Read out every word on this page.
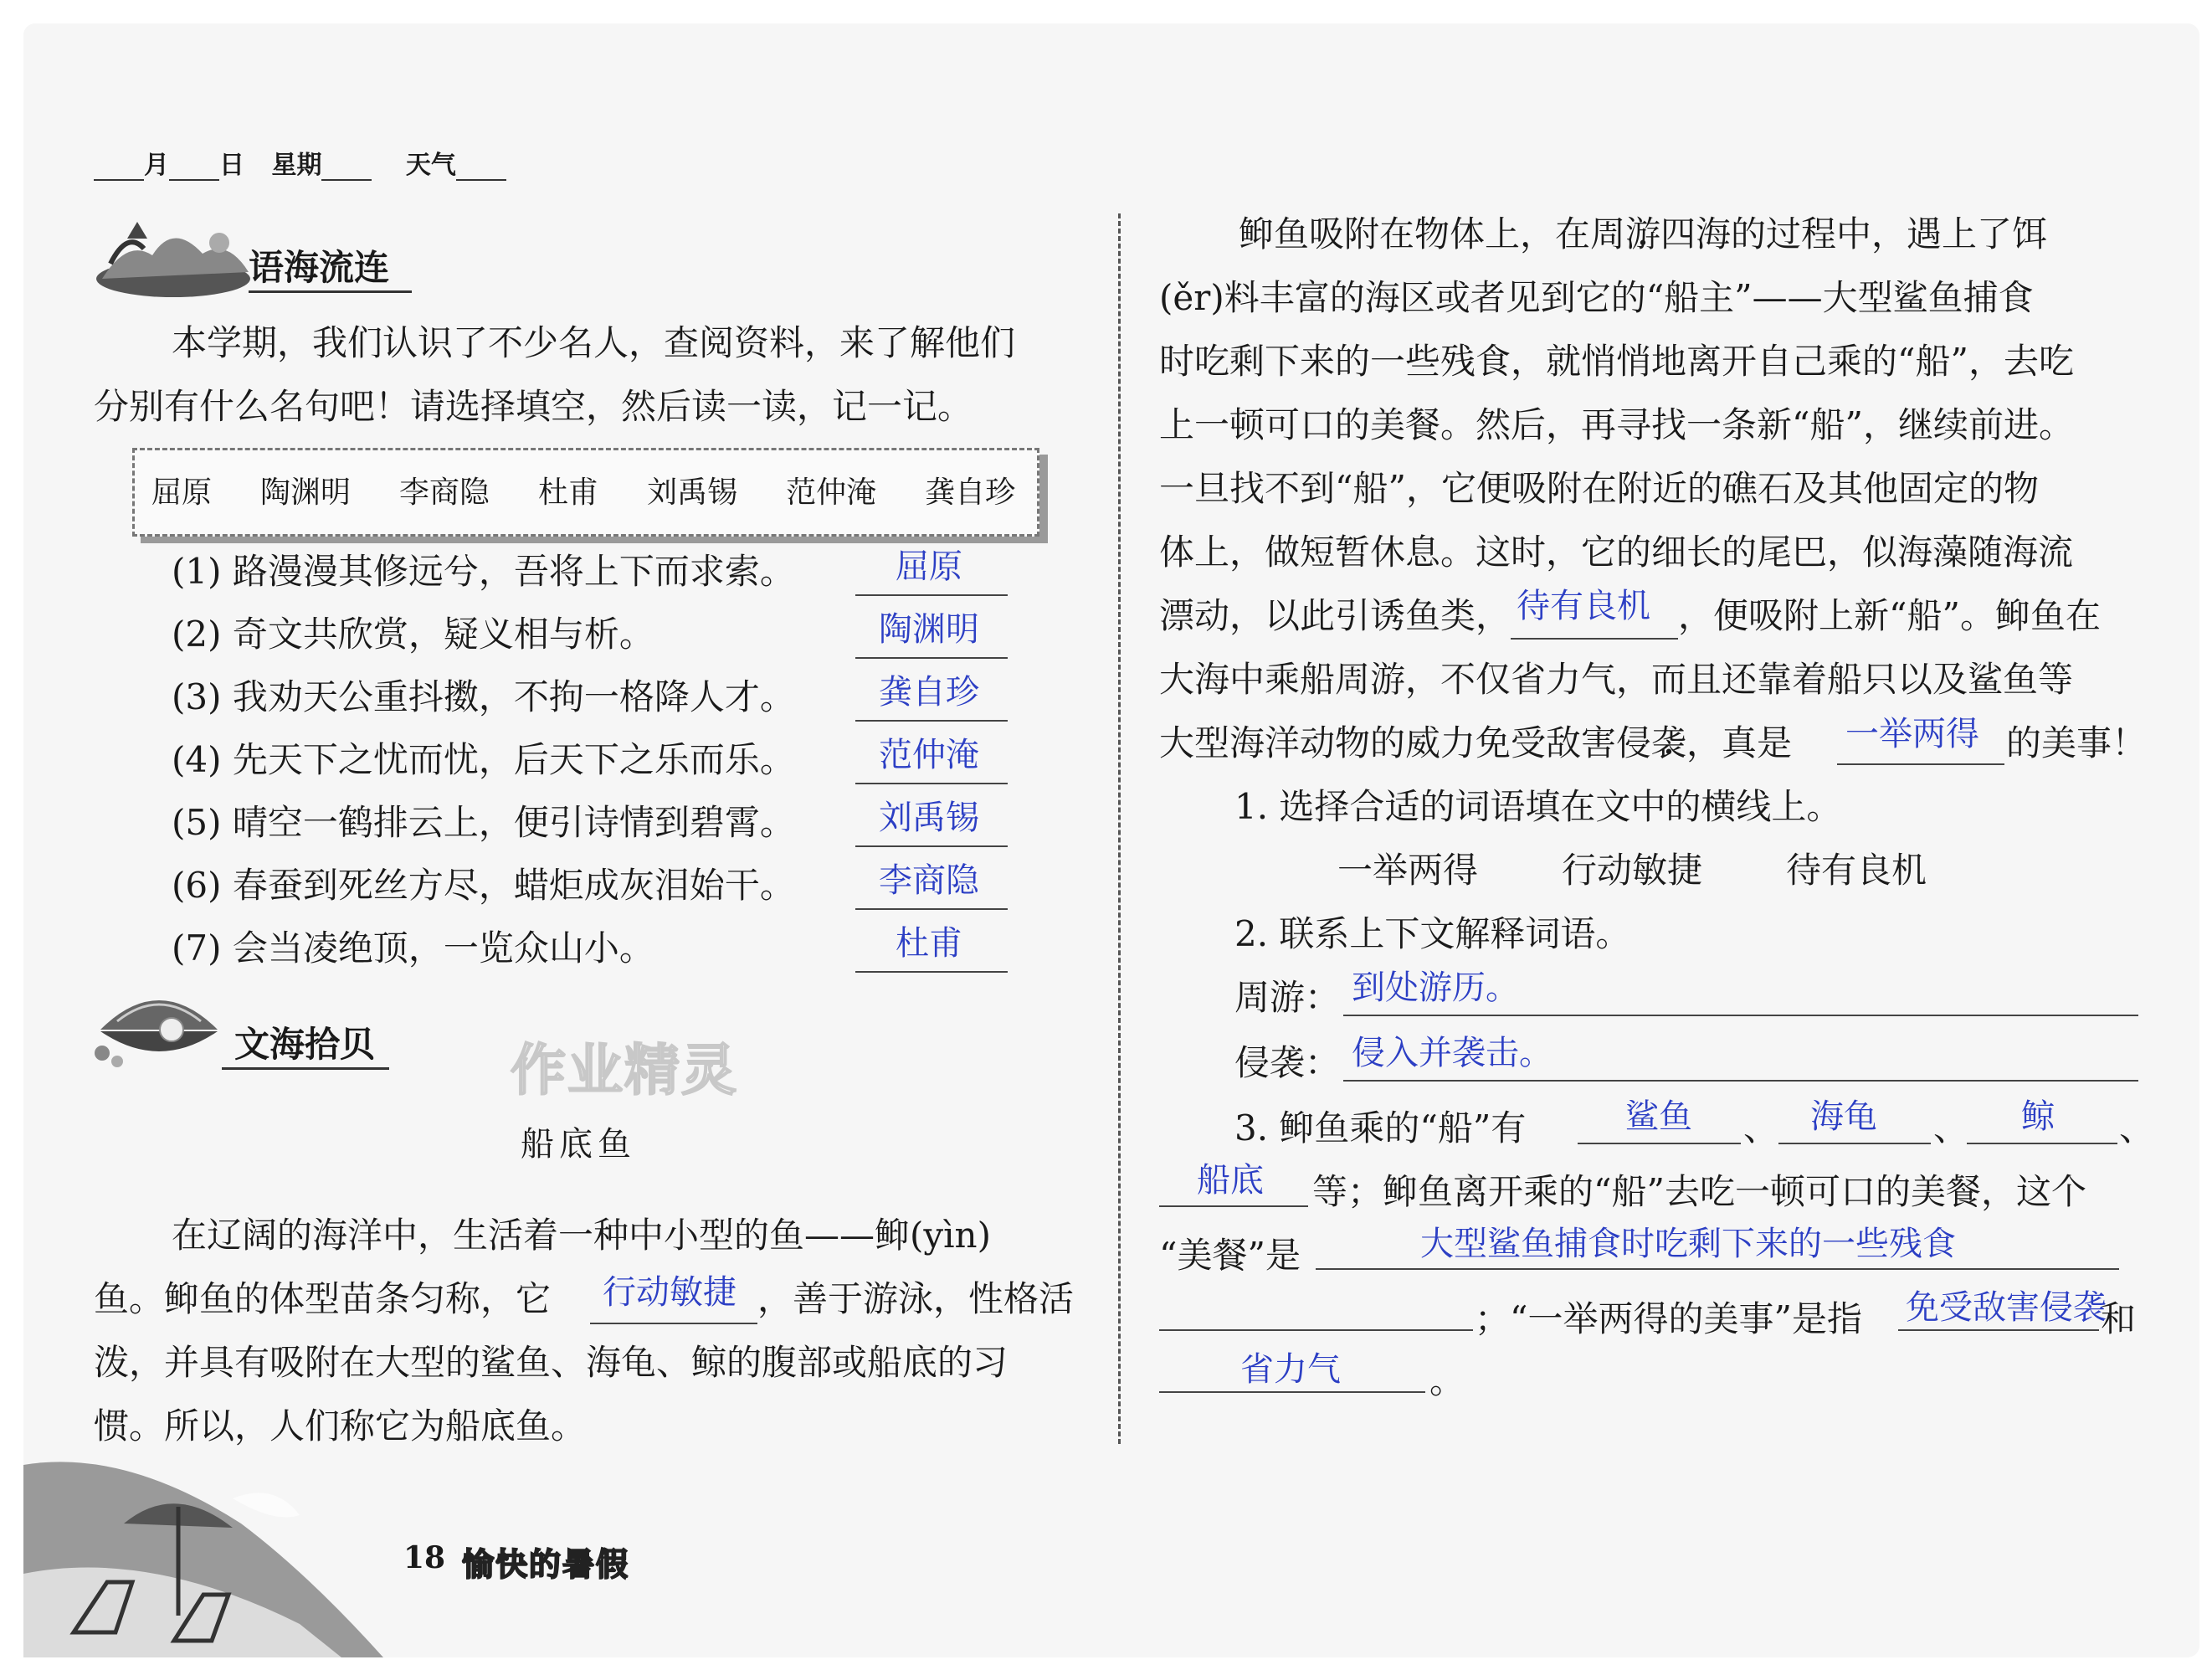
月 日 星期	天气
语海流连
本学期，我们认识了不少名人，查阅资料，来了解他们
分别有什么名句吧！请选择填空，然后读一读，记一记。
屈原 陶渊明 李商隐 杜甫 刘禹锡 范仲淹 龚自珍
(1) 路漫漫其修远兮，吾将上下而求索。	屈原
(2) 奇文共欣赏，疑义相与析。	陶渊明
(3) 我劝天公重抖擞，不拘一格降人才。	龚自珍
(4) 先天下之忧而忧，后天下之乐而乐。	范仲淹
(5) 晴空一鹤排云上，便引诗情到碧霄。	刘禹锡
(6) 春蚕到死丝方尽，蜡炬成灰泪始干。	李商隐
(7) 会当凌绝顶，一览众山小。	杜甫
文海拾贝 作业精灵
船底鱼
在辽阔的海洋中，生活着一种中小型的鱼——䲟(yìn)
鱼。䲟鱼的体型苗条匀称，它 行动敏捷 ，善于游泳，性格活
泼，并具有吸附在大型的鲨鱼、海龟、鲸的腹部或船底的习
惯。所以，人们称它为船底鱼。
䲟鱼吸附在物体上，在周游四海的过程中，遇上了饵
(ěr)料丰富的海区或者见到它的“船主”——大型鲨鱼捕食
时吃剩下来的一些残食，就悄悄地离开自己乘的“船”，去吃
上一顿可口的美餐。然后，再寻找一条新“船”，继续前进。
一旦找不到“船”，它便吸附在附近的礁石及其他固定的物
体上，做短暂休息。这时，它的细长的尾巴，似海藻随海流
漂动，以此引诱鱼类， 待有良机 ，便吸附上新“船”。䲟鱼在
大海中乘船周游，不仅省力气，而且还靠着船只以及鲨鱼等
大型海洋动物的威力免受敌害侵袭，真是 一举两得 的美事！
1. 选择合适的词语填在文中的横线上。
一举两得 行动敏捷 待有良机
2. 联系上下文解释词语。
周游： 到处游历。
侵袭： 侵入并袭击。
3. 䲟鱼乘的“船”有	鲨鱼 、 海龟 、 鲸 、
船底 等；䲟鱼离开乘的“船”去吃一顿可口的美餐，这个
“美餐”是	大型鲨鱼捕食时吃剩下来的一些残食
；“一举两得的美事”是指 免受敌害侵袭
和
省力气	。
18 愉快的暑假
